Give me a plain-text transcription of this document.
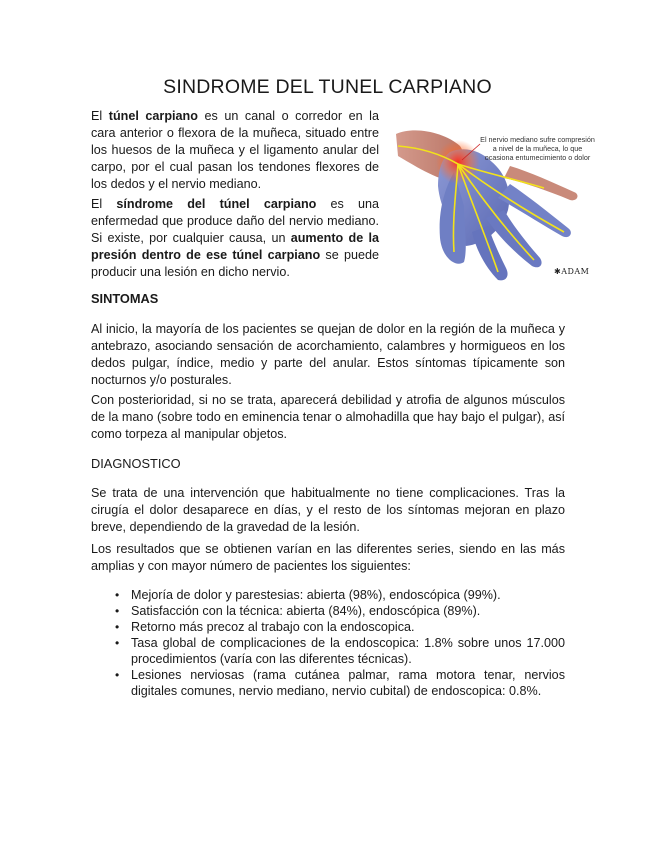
SINDROME DEL TUNEL CARPIANO

El túnel carpiano es un canal o corredor en la cara anterior o flexora de la muñeca, situado entre los huesos de la muñeca y el ligamento anular del carpo, por el cual pasan los tendones flexores de los dedos y el nervio mediano.

El síndrome del túnel carpiano es una enfermedad que produce daño del nervio mediano. Si existe, por cualquier causa, un aumento de la presión dentro de ese túnel carpiano se puede producir una lesión en dicho nervio.

El nervio mediano sufre compresión a nivel de la muñeca, lo que ocasiona entumecimiento o dolor
✱ADAM
SINTOMAS

Al inicio, la mayoría de los pacientes se quejan de dolor en la región de la muñeca y antebrazo, asociando sensación de acorchamiento, calambres y hormigueos en los dedos pulgar, índice, medio y parte del anular. Estos síntomas típicamente son nocturnos y/o posturales.

Con posterioridad, si no se trata, aparecerá debilidad y atrofia de algunos músculos de la mano (sobre todo en eminencia tenar o almohadilla que hay bajo el pulgar), así como torpeza al manipular objetos.

DIAGNOSTICO

Se trata de una intervención que habitualmente no tiene complicaciones. Tras la cirugía el dolor desaparece en días, y el resto de los síntomas mejoran en plazo breve, dependiendo de la gravedad de la lesión.

Los resultados que se obtienen varían en las diferentes series, siendo en las más amplias y con mayor número de pacientes los siguientes:

• Mejoría de dolor y parestesias: abierta (98%), endoscópica (99%).
• Satisfacción con la técnica: abierta (84%), endoscópica (89%).
• Retorno más precoz al trabajo con la endoscopica.
• Tasa global de complicaciones de la endoscopica: 1.8% sobre unos 17.000 procedimientos (varía con las diferentes técnicas).
• Lesiones nerviosas (rama cutánea palmar, rama motora tenar, nervios digitales comunes, nervio mediano, nervio cubital) de endoscopica: 0.8%.
